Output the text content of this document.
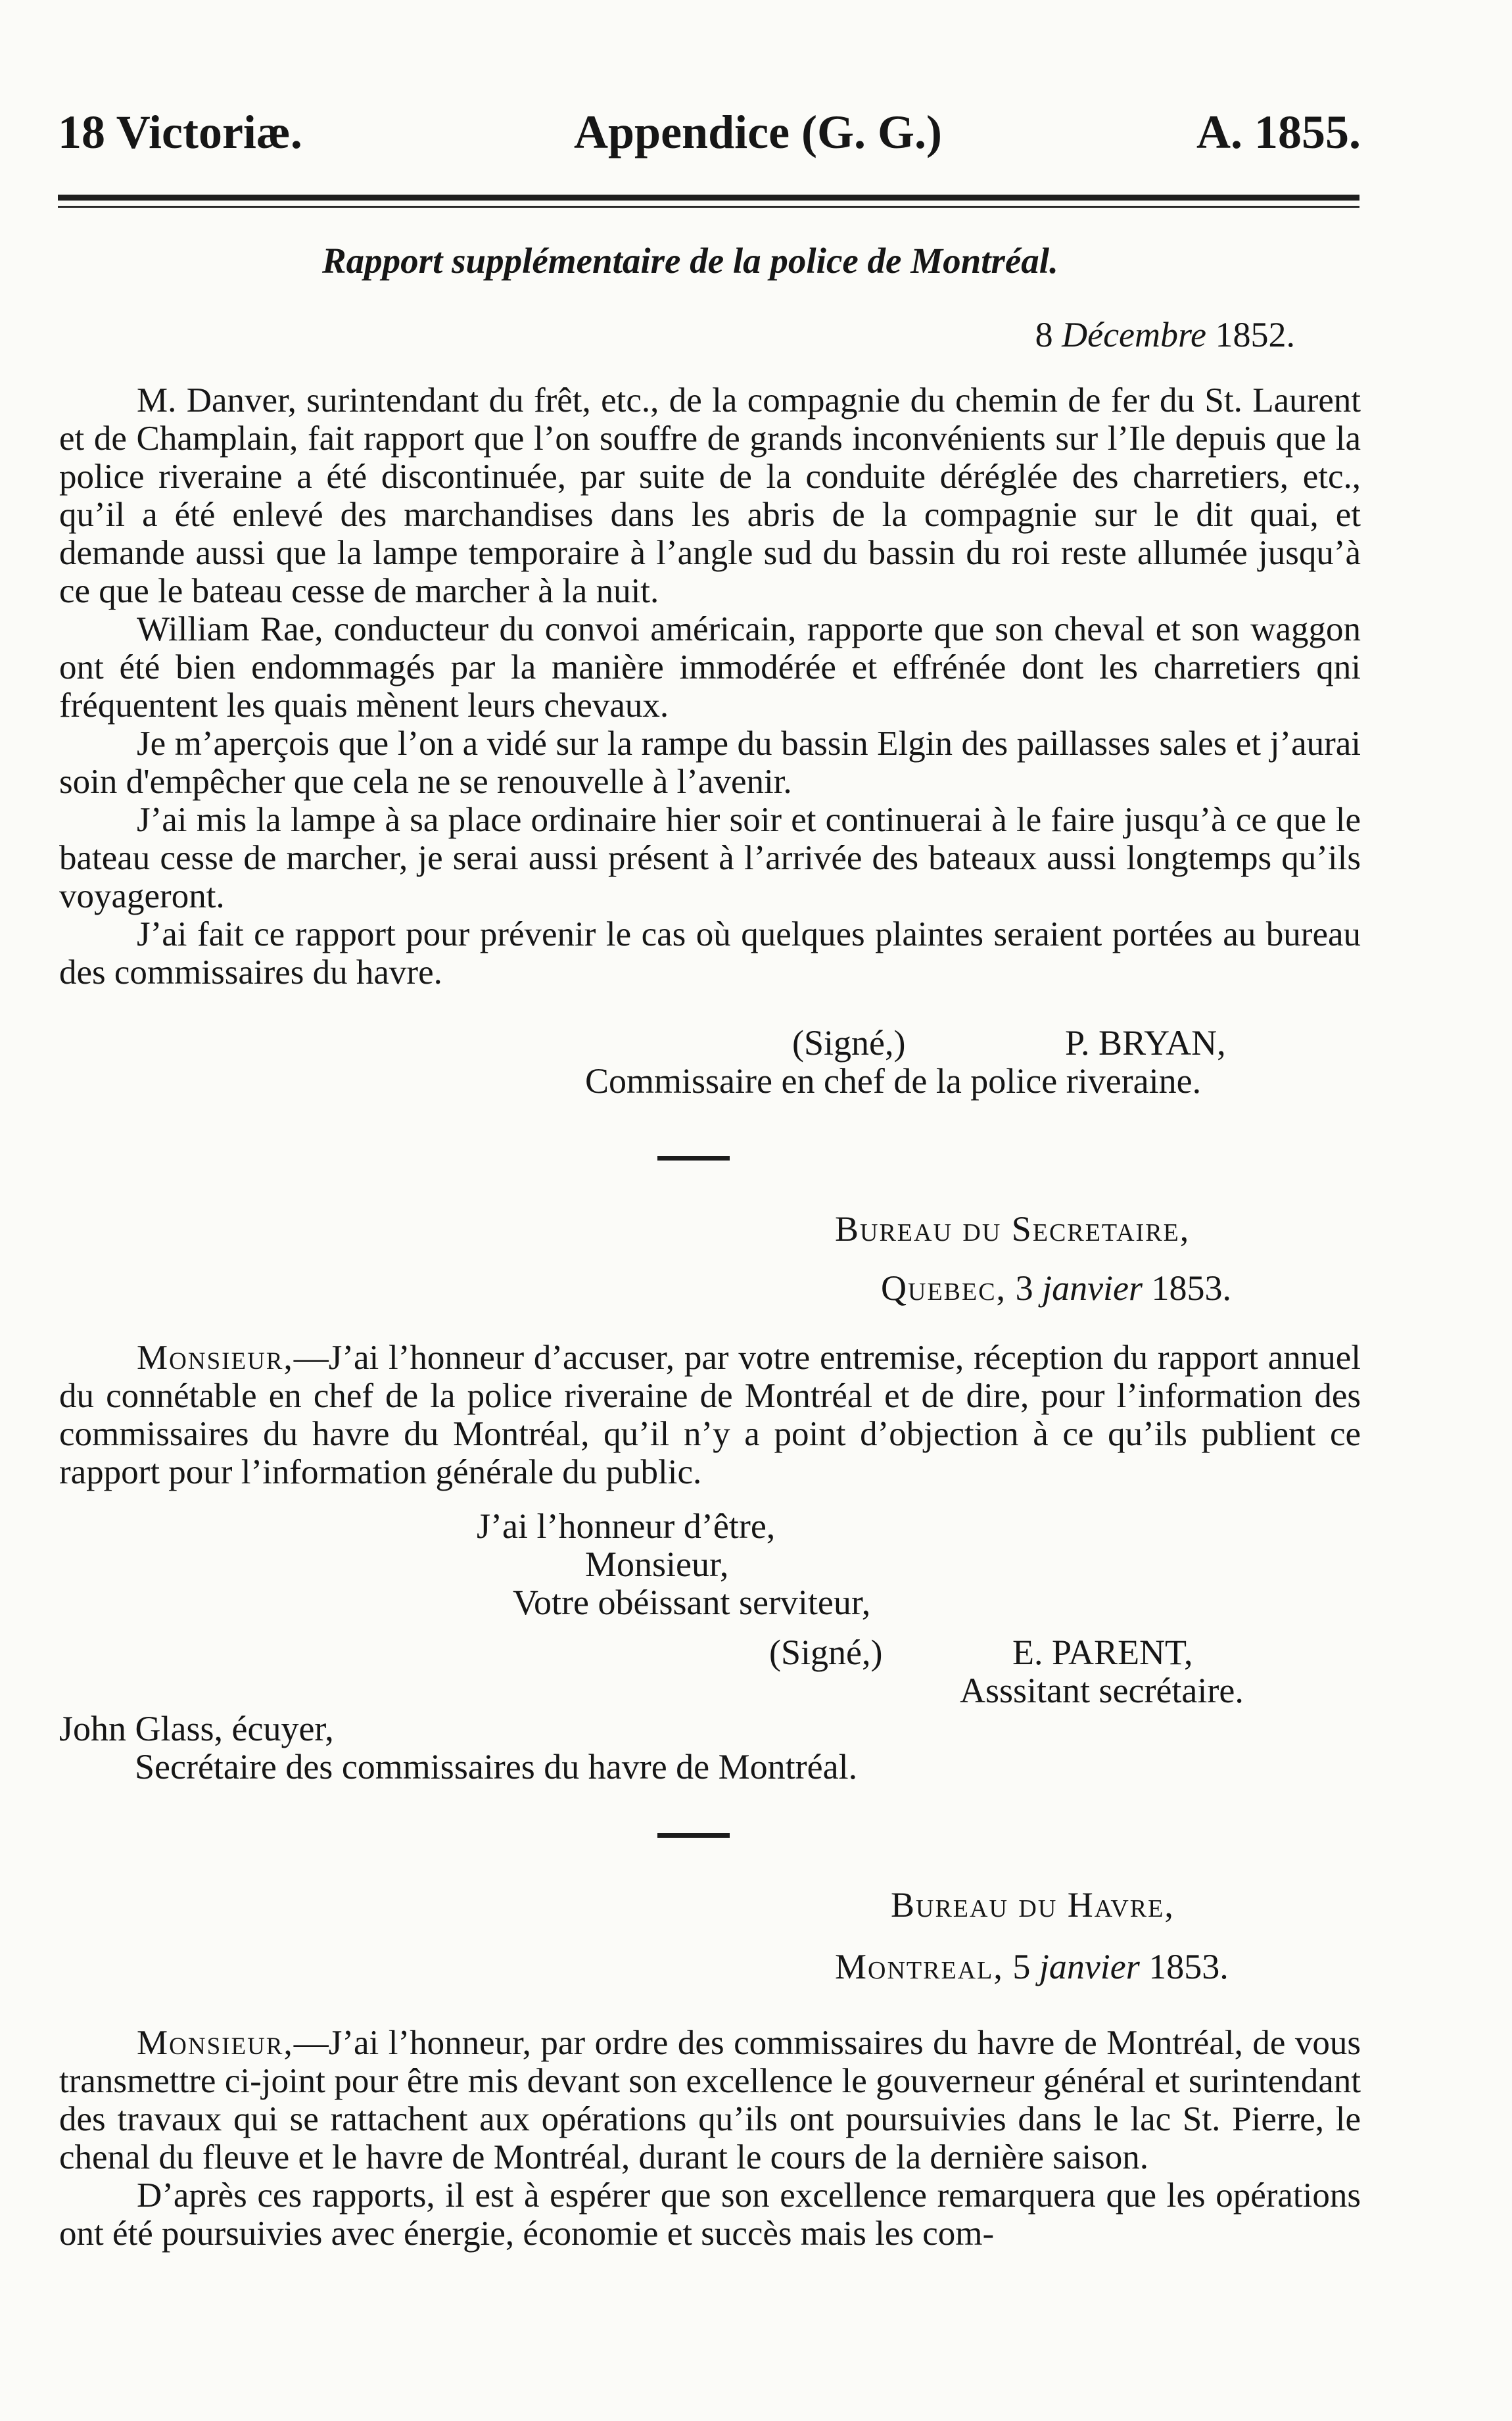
18 Victoriæ.	Appendice (G. G.)	A. 1855.
Rapport supplémentaire de la police de Montréal.
8 Décembre 1852.

M. Danver, surintendant du frêt, etc., de la compagnie du chemin de fer du St. Laurent et de Champlain, fait rapport que l’on souffre de grands inconvénients sur l’Ile depuis que la police riveraine a été discontinuée, par suite de la conduite déréglée des charretiers, etc., qu’il a été enlevé des marchandises dans les abris de la compagnie sur le dit quai, et demande aussi que la lampe temporaire à l’angle sud du bassin du roi reste allumée jusqu’à ce que le bateau cesse de marcher à la nuit.

William Rae, conducteur du convoi américain, rapporte que son cheval et son waggon ont été bien endommagés par la manière immodérée et effrénée dont les charretiers qni fréquentent les quais mènent leurs chevaux.

Je m’aperçois que l’on a vidé sur la rampe du bassin Elgin des paillasses sales et j’aurai soin d'empêcher que cela ne se renouvelle à l’avenir.

J’ai mis la lampe à sa place ordinaire hier soir et continuerai à le faire jusqu’à ce que le bateau cesse de marcher, je serai aussi présent à l’arrivée des bateaux aussi longtemps qu’ils voyageront.

J’ai fait ce rapport pour prévenir le cas où quelques plaintes seraient portées au bureau des commissaires du havre.

(Signé,)	P. BRYAN,
Commissaire en chef de la police riveraine.
Bureau du Secretaire,
Quebec, 3 janvier 1853.

Monsieur,—J’ai l’honneur d’accuser, par votre entremise, réception du rapport annuel du connétable en chef de la police riveraine de Montréal et de dire, pour l’information des commissaires du havre du Montréal, qu’il n’y a point d’objection à ce qu’ils publient ce rapport pour l’information générale du public.

J’ai l’honneur d’être,
Monsieur,
Votre obéissant serviteur,
(Signé,)	E. PARENT,
Asssitant secrétaire.
John Glass, écuyer,
Secrétaire des commissaires du havre de Montréal.
Bureau du Havre,
Montreal, 5 janvier 1853.

Monsieur,—J’ai l’honneur, par ordre des commissaires du havre de Montréal, de vous transmettre ci-joint pour être mis devant son excellence le gouverneur général et surintendant des travaux qui se rattachent aux opérations qu’ils ont poursuivies dans le lac St. Pierre, le chenal du fleuve et le havre de Montréal, durant le cours de la dernière saison.

D’après ces rapports, il est à espérer que son excellence remarquera que les opérations ont été poursuivies avec énergie, économie et succès mais les com-
